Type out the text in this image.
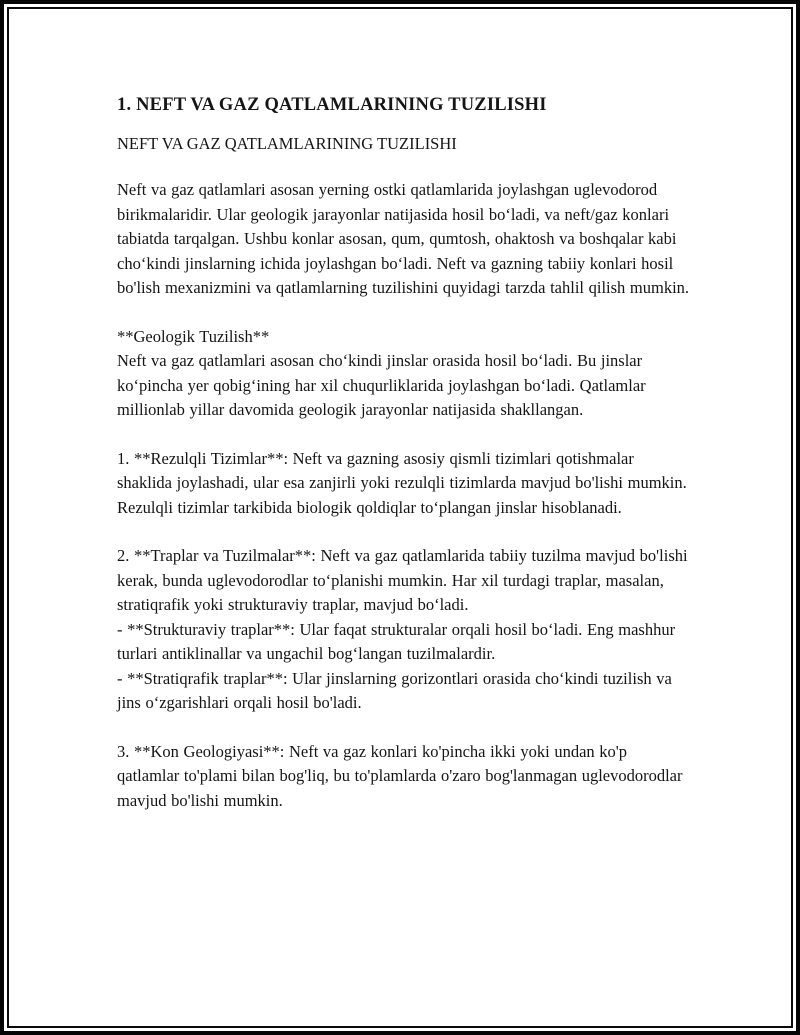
1. NEFT VA GAZ QATLAMLARINING TUZILISHI

NEFT VA GAZ QATLAMLARINING TUZILISHI

Neft va gaz qatlamlari asosan yerning ostki qatlamlarida joylashgan uglevodorod birikmalaridir. Ular geologik jarayonlar natijasida hosil boʻladi, va neft/gaz konlari tabiatda tarqalgan. Ushbu konlar asosan, qum, qumtosh, ohaktosh va boshqalar kabi choʻkindi jinslarning ichida joylashgan boʻladi. Neft va gazning tabiiy konlari hosil bo'lish mexanizmini va qatlamlarning tuzilishini quyidagi tarzda tahlil qilish mumkin.

**Geologik Tuzilish**
Neft va gaz qatlamlari asosan choʻkindi jinslar orasida hosil boʻladi. Bu jinslar koʻpincha yer qobigʻining har xil chuqurliklarida joylashgan boʻladi. Qatlamlar millionlab yillar davomida geologik jarayonlar natijasida shakllangan.

1. **Rezulqli Tizimlar**: Neft va gazning asosiy qismli tizimlari qotishmalar shaklida joylashadi, ular esa zanjirli yoki rezulqli tizimlarda mavjud bo'lishi mumkin. Rezulqli tizimlar tarkibida biologik qoldiqlar toʻplangan jinslar hisoblanadi.

2. **Traplar va Tuzilmalar**: Neft va gaz qatlamlarida tabiiy tuzilma mavjud bo'lishi kerak, bunda uglevodorodlar toʻplanishi mumkin. Har xil turdagi traplar, masalan, stratiqrafik yoki strukturaviy traplar, mavjud boʻladi.
- **Strukturaviy traplar**: Ular faqat strukturalar orqali hosil boʻladi. Eng mashhur turlari antiklinallar va ungachil bogʻlangan tuzilmalardir.
- **Stratiqrafik traplar**: Ular jinslarning gorizontlari orasida choʻkindi tuzilish va jins oʻzgarishlari orqali hosil bo'ladi.

3. **Kon Geologiyasi**: Neft va gaz konlari ko'pincha ikki yoki undan ko'p qatlamlar to'plami bilan bog'liq, bu to'plamlarda o'zaro bog'lanmagan uglevodorodlar mavjud bo'lishi mumkin.
